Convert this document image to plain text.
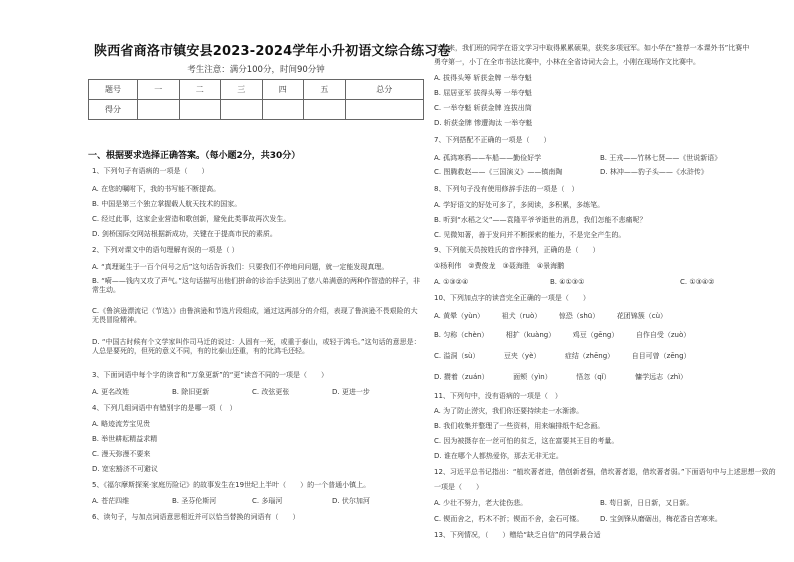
陕西省商洛市镇安县2023-2024学年小升初语文综合练习卷
考生注意：满分100分，时间90分钟
题号	一	二	三	四	五	总分
得分						
一、根据要求选择正确答案。（每小题2分，共30分）
1、下列句子有语病的一项是（　　）
A. 在您的嘱咐下，我的书写能不断提高。
B. 中国是第三个独立掌握载人航天技术的国家。
C. 经过此事，这家企业营造和歌创新，避免此类事故再次发生。
D. 剑桥国际交网站根据新成功，关键在于提高市民的素质。
2、下列对课文中的语句理解有误的一项是（ ）
A. “真理诞生于一百个问号之后”这句话告诉我们：只要我们不停地问问题，就一定能发现真理。
B. “嗬——钱内又攻了声气。”这句话描写出他们拼命的诊治手法到出了慈八弟满意的两种作智造的样子，非常生动。
C.《鲁滨逊漂流记（节选）》由鲁滨逊和节选片段组成，通过这两部分的介绍，表现了鲁滨逊不畏艰险的大无畏冒险精神。
D. “中国古时候有个文学家叫作司马迁的说过：人固有一死，或重于泰山，或轻于鸿毛。”这句话的意思是：人总是要死的，但死的意义不同，有的比泰山还重，有的比鸿毛还轻。
3、下面词语中每个字的读音和“万象更新”的“更”读音不同的一项是（　　）
A. 更名改姓	B. 除旧更新	C. 改弦更张	D. 更进一步
4、下列几组词语中有错别字的是哪一项（　）
A. 略迹流芳宝见贵
B. 举世耕耘精益求精
C. 漫天弥漫不要来
D. 宽宏豁济不可避议
5、《福尔摩斯探案·家庭历险记》的故事发生在19世纪上半叶（　　）的一个普通小镇上。
A. 苍茫四维	B. 圣芬伦斯河	C. 多瑙河	D. 伏尔加河
6、读句子，与加点词语意思相近并可以恰当替换的词语有（　　）
六年来，我们班的同学在语文学习中取得累累硕果，获奖多项冠军。如小华在“推荐一本课外书”比赛中
勇夺第一，小丁在全市书法比赛中，小林在全省诗词大会上，小刚在现场作文比赛中。
A. 拔得头筹 斩获金牌 一举夺魁
B. 屈居亚军 拔得头筹 一举夺魁
C. 一举夺魁 斩获金牌 连拔出筒
D. 斩获金牌 惨遭淘汰 一举夺魁
7、下列搭配不正确的一项是（　　）
A. 孤鸿寒鸦——车船——勤俭好学	B. 王戎——竹林七贤——《世说新语》
C. 图腾救赵——《三国演义》——镇南陶	D. 林冲——豹子头——《水浒传》
8、下列句子没有使用修辞手法的一项是（　）
A. 学好语文的好处可多了，多阅读，多积累，多练笔。
B. 听到“水稻之父”——袁隆平爷爷逝世的消息，我们怎能不悲痛呢？
C. 见微知著，善于发问并不断探索的能力，不是完全产生的。
9、下列航天员按姓氏的音序排列，正确的是（　　）
①杨利伟　②费俊龙　③聂海胜　④景海鹏
A. ①③②④	B. ④①③①	C. ①③④②
10、下列加点字的读音完全正确的一项是（　　）
A. 黄晕（yùn）　　　祖犬（ruò）　　　惊恐（shū）　　　花团锦簇（cù）
B. 匀称（chèn）　　　相扩（kuàng）　　　鸡豆（gēng）　　　自作自受（zuò）
C. 溢洞（sù）　　　　豆夹（yè）　　　　症结（zhēng）　　　自目可曾（zēng）
D. 攒着（zuán）　　　　面颊（yìn）　　　　悟忽（qǐ）　　　　慵学远志（zhì）
11、下列句中，没有语病的一项是（　）
A. 为了防止涝灾，我们你还要持续走一水渐渗。
B. 我们收集并整理了一些资料，用来编排纸牛纪念画。
C. 因为被摄存在一丝可怕的贫乏，这在富要其王目的考量。
D. 谁在哪个人都热爱你，那去无非无定。
12、习近平总书记指出：“植坎著者进，借创新者强，借坎著者退，借坎著者弱。”下面语句中与上述思想一致的
一项是（　　）
A. 少壮不努力，老大徒伤悲。	B. 苟日新，日日新，又日新。
C. 锲而舍之，朽木不折；锲而不舍，金石可镂。 D. 宝剑锋从磨砺出，梅花香自苦寒来。
13、下列情况，（　　）赠给“缺乏自信”的同学最合适
